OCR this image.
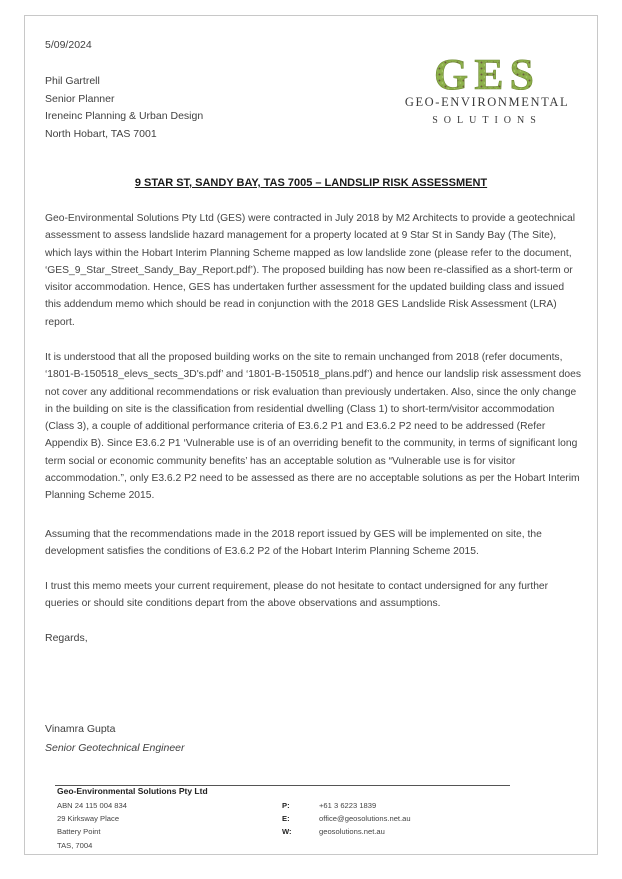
5/09/2024
Phil Gartrell
Senior Planner
Ireneinc Planning & Urban Design
North Hobart, TAS 7001
GES
GEO-ENVIRONMENTAL
SOLUTIONS
9 STAR ST, SANDY BAY, TAS 7005 – LANDSLIP RISK ASSESSMENT

Geo-Environmental Solutions Pty Ltd (GES) were contracted in July 2018 by M2 Architects to provide a geotechnical assessment to assess landslide hazard management for a property located at 9 Star St in Sandy Bay (The Site), which lays within the Hobart Interim Planning Scheme mapped as low landslide zone (please refer to the document, ‘GES_9_Star_Street_Sandy_Bay_Report.pdf’). The proposed building has now been re-classified as a short-term or visitor accommodation. Hence, GES has undertaken further assessment for the updated building class and issued this addendum memo which should be read in conjunction with the 2018 GES Landslide Risk Assessment (LRA) report.

It is understood that all the proposed building works on the site to remain unchanged from 2018 (refer documents, ‘1801-B-150518_elevs_sects_3D's.pdf’ and ‘1801-B-150518_plans.pdf’) and hence our landslip risk assessment does not cover any additional recommendations or risk evaluation than previously undertaken. Also, since the only change in the building on site is the classification from residential dwelling (Class 1) to short-term/visitor accommodation (Class 3), a couple of additional performance criteria of E3.6.2 P1 and E3.6.2 P2 need to be addressed (Refer Appendix B). Since E3.6.2 P1 ‘Vulnerable use is of an overriding benefit to the community, in terms of significant long term social or economic community benefits’ has an acceptable solution as “Vulnerable use is for visitor accommodation.”, only E3.6.2 P2 need to be assessed as there are no acceptable solutions as per the Hobart Interim Planning Scheme 2015.

Assuming that the recommendations made in the 2018 report issued by GES will be implemented on site, the development satisfies the conditions of E3.6.2 P2 of the Hobart Interim Planning Scheme 2015.

I trust this memo meets your current requirement, please do not hesitate to contact undersigned for any further queries or should site conditions depart from the above observations and assumptions.

Regards,
Vinamra Gupta
Senior Geotechnical Engineer
Geo-Environmental Solutions Pty Ltd
ABN 24 115 004 834
29 Kirksway Place
Battery Point
TAS, 7004
P:	+61 3 6223 1839
E:	office@geosolutions.net.au
W:	geosolutions.net.au
